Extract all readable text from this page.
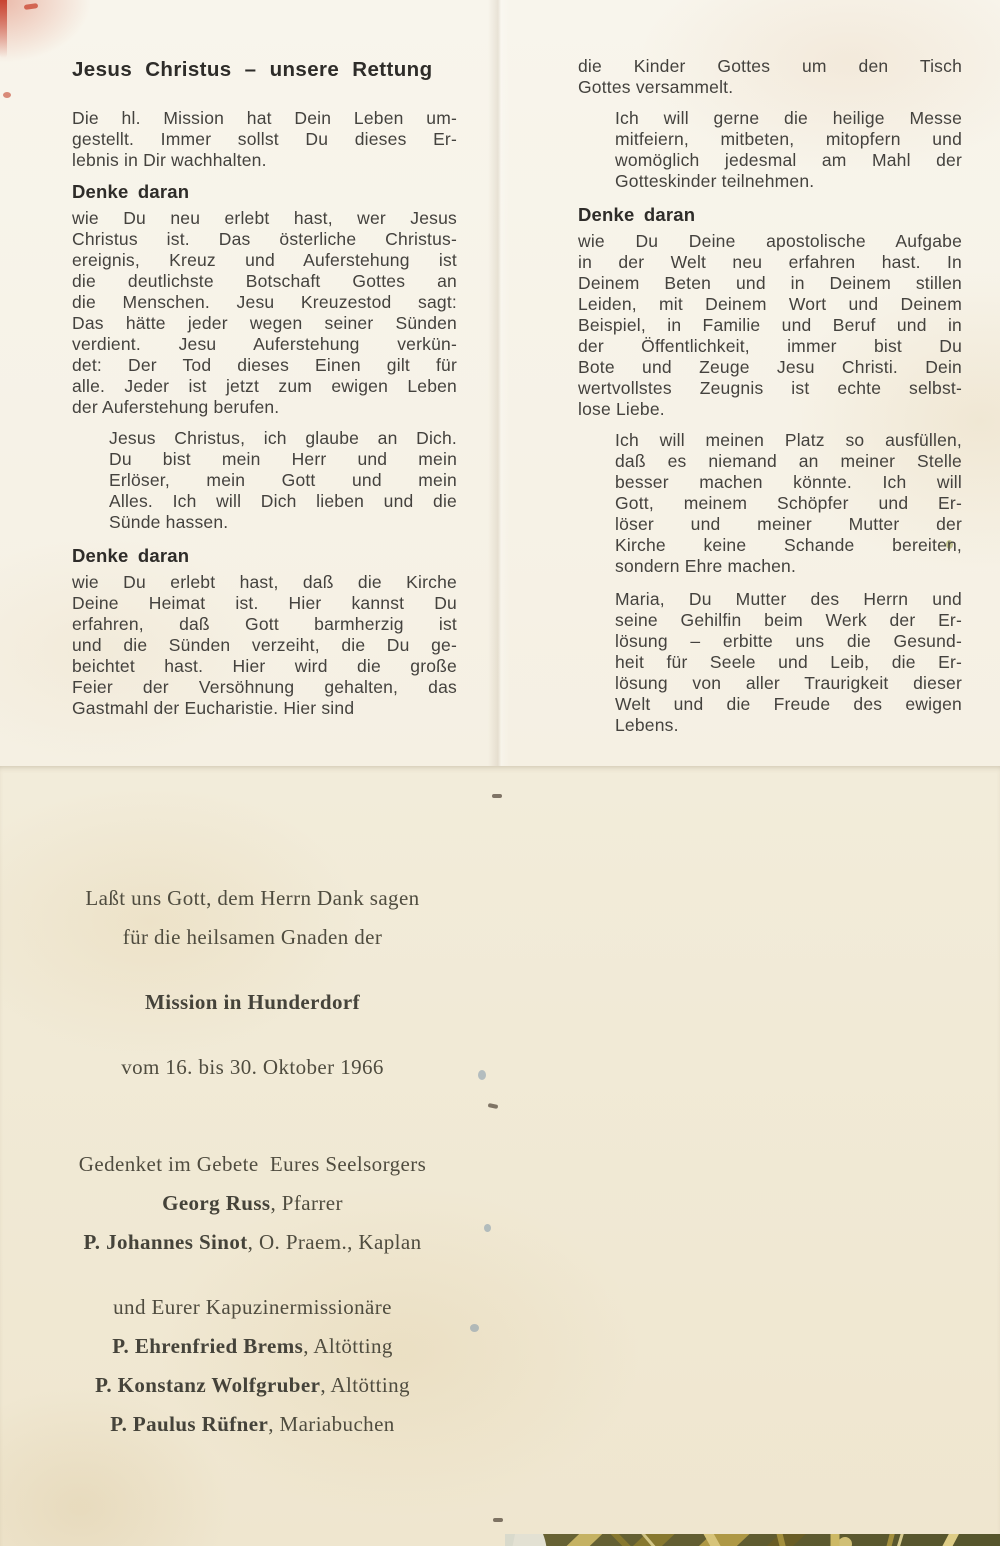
Jesus Christus – unsere Rettung
Die hl. Mission hat Dein Leben um-
gestellt. Immer sollst Du dieses Er-
lebnis in Dir wachhalten.
Denke daran
wie Du neu erlebt hast, wer Jesus
Christus ist. Das österliche Christus-
ereignis, Kreuz und Auferstehung ist
die deutlichste Botschaft Gottes an
die Menschen. Jesu Kreuzestod sagt:
Das hätte jeder wegen seiner Sünden
verdient. Jesu Auferstehung verkün-
det: Der Tod dieses Einen gilt für
alle. Jeder ist jetzt zum ewigen Leben
der Auferstehung berufen.
Jesus Christus, ich glaube an Dich.
Du bist mein Herr und mein
Erlöser, mein Gott und mein
Alles. Ich will Dich lieben und die
Sünde hassen.
Denke daran
wie Du erlebt hast, daß die Kirche
Deine Heimat ist. Hier kannst Du
erfahren, daß Gott barmherzig ist
und die Sünden verzeiht, die Du ge-
beichtet hast. Hier wird die große
Feier der Versöhnung gehalten, das
Gastmahl der Eucharistie. Hier sind
die Kinder Gottes um den Tisch
Gottes versammelt.
Ich will gerne die heilige Messe
mitfeiern, mitbeten, mitopfern und
womöglich jedesmal am Mahl der
Gotteskinder teilnehmen.
Denke daran
wie Du Deine apostolische Aufgabe
in der Welt neu erfahren hast. In
Deinem Beten und in Deinem stillen
Leiden, mit Deinem Wort und Deinem
Beispiel, in Familie und Beruf und in
der Öffentlichkeit, immer bist Du
Bote und Zeuge Jesu Christi. Dein
wertvollstes Zeugnis ist echte selbst-
lose Liebe.
Ich will meinen Platz so ausfüllen,
daß es niemand an meiner Stelle
besser machen könnte. Ich will
Gott, meinem Schöpfer und Er-
löser und meiner Mutter der
Kirche keine Schande bereiten,
sondern Ehre machen.
Maria, Du Mutter des Herrn und
seine Gehilfin beim Werk der Er-
lösung – erbitte uns die Gesund-
heit für Seele und Leib, die Er-
lösung von aller Traurigkeit dieser
Welt und die Freude des ewigen
Lebens.
Laßt uns Gott, dem Herrn Dank sagen
für die heilsamen Gnaden der
Mission in Hunderdorf
vom 16. bis 30. Oktober 1966
Gedenket im Gebete  Eures Seelsorgers
Georg Russ, Pfarrer
P. Johannes Sinot, O. Praem., Kaplan
und Eurer Kapuzinermissionäre
P. Ehrenfried Brems, Altötting
P. Konstanz Wolfgruber, Altötting
P. Paulus Rüfner, Mariabuchen
